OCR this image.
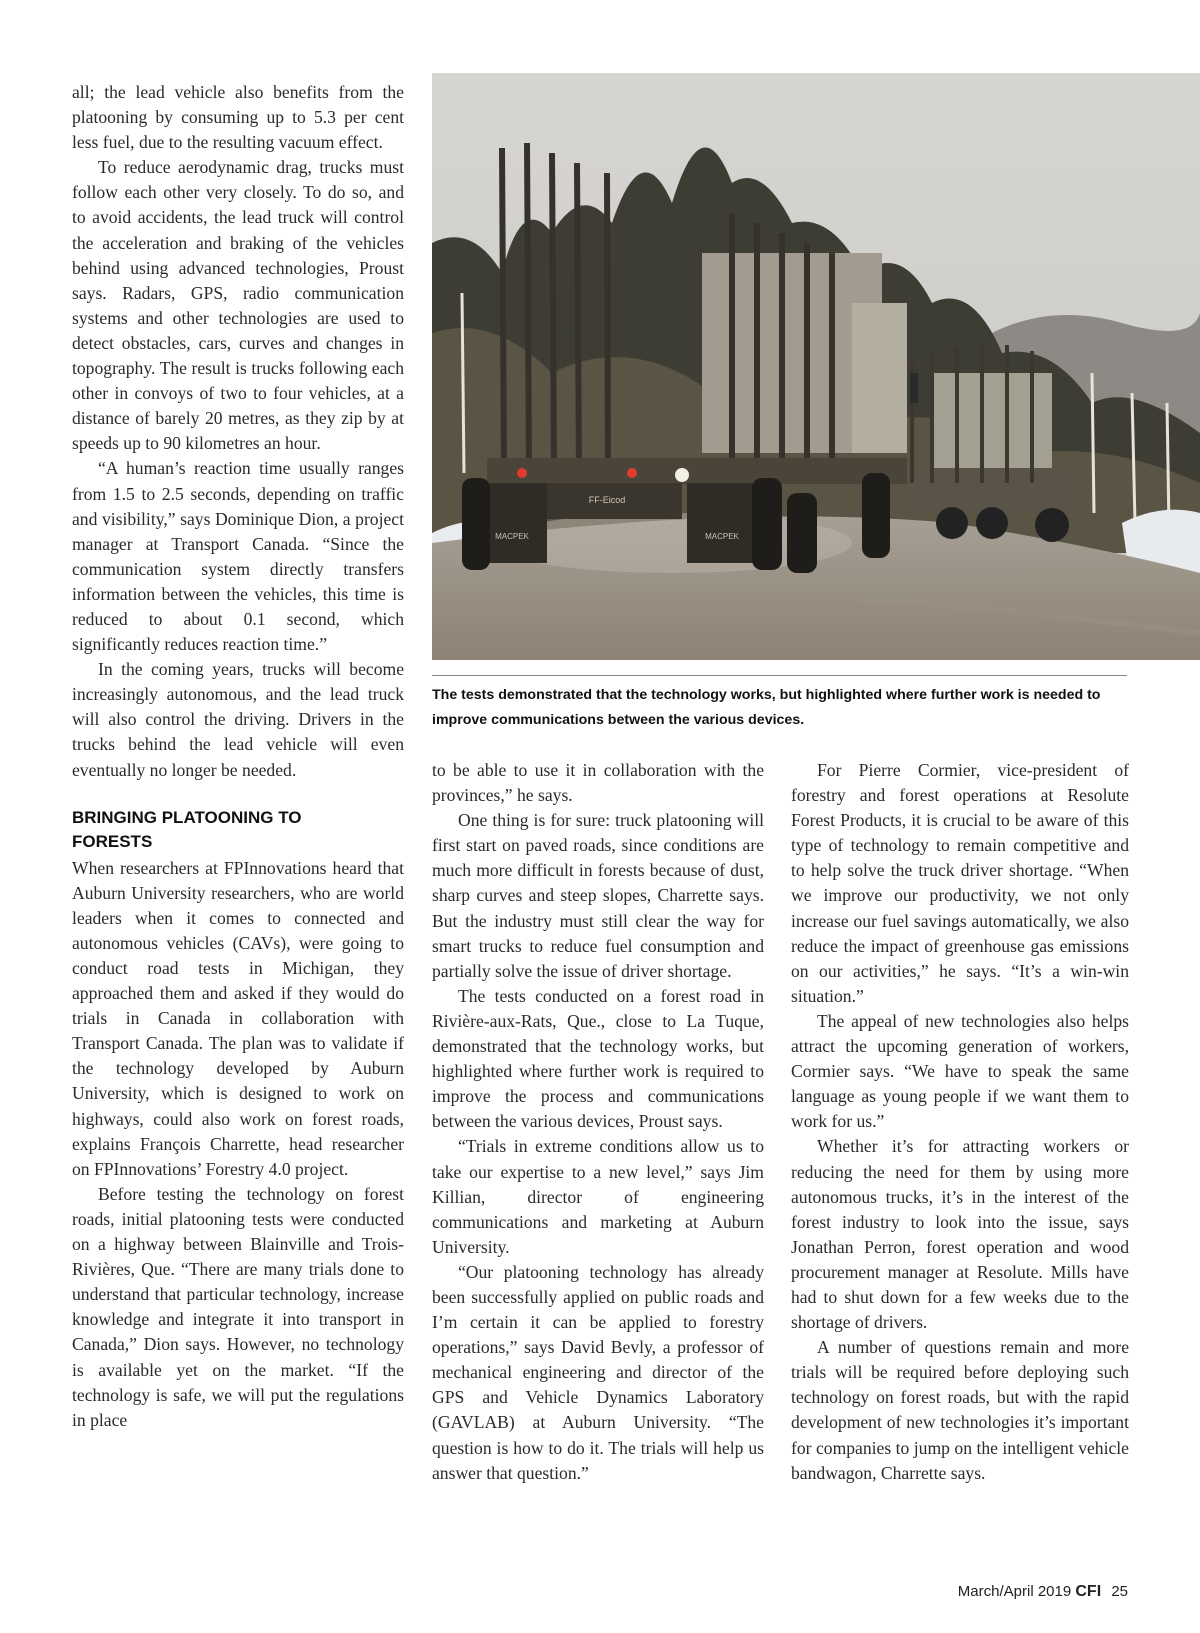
all; the lead vehicle also benefits from the platooning by consuming up to 5.3 per cent less fuel, due to the resulting vacuum effect.

To reduce aerodynamic drag, trucks must follow each other very closely. To do so, and to avoid accidents, the lead truck will control the acceleration and braking of the vehicles behind using advanced technologies, Proust says. Radars, GPS, radio communication systems and other technologies are used to detect obstacles, cars, curves and changes in topography. The result is trucks following each other in convoys of two to four vehicles, at a distance of barely 20 metres, as they zip by at speeds up to 90 kilometres an hour.

“A human’s reaction time usually ranges from 1.5 to 2.5 seconds, depending on traffic and visibility,” says Dominique Dion, a project manager at Transport Canada. “Since the communication system directly transfers information between the vehicles, this time is reduced to about 0.1 second, which significantly reduces reaction time.”

In the coming years, trucks will become increasingly autonomous, and the lead truck will also control the driving. Drivers in the trucks behind the lead vehicle will even eventually no longer be needed.

BRINGING PLATOONING TO FORESTS

When researchers at FPInnovations heard that Auburn University researchers, who are world leaders when it comes to connected and autonomous vehicles (CAVs), were going to conduct road tests in Michigan, they approached them and asked if they would do trials in Canada in collaboration with Transport Canada. The plan was to validate if the technology developed by Auburn University, which is designed to work on highways, could also work on forest roads, explains François Charrette, head researcher on FPInnovations’ Forestry 4.0 project.

Before testing the technology on forest roads, initial platooning tests were conducted on a highway between Blainville and Trois-Rivières, Que. “There are many trials done to understand that particular technology, increase knowledge and integrate it into transport in Canada,” Dion says. However, no technology is available yet on the market. “If the technology is safe, we will put the regulations in place

MACPEK	MACPEK
FF-Eicod
The tests demonstrated that the technology works, but highlighted where further work is needed to improve communications between the various devices.

to be able to use it in collaboration with the provinces,” he says.

One thing is for sure: truck platooning will first start on paved roads, since conditions are much more difficult in forests because of dust, sharp curves and steep slopes, Charrette says. But the industry must still clear the way for smart trucks to reduce fuel consumption and partially solve the issue of driver shortage.

The tests conducted on a forest road in Rivière-aux-Rats, Que., close to La Tuque, demonstrated that the technology works, but highlighted where further work is required to improve the process and communications between the various devices, Proust says.

“Trials in extreme conditions allow us to take our expertise to a new level,” says Jim Killian, director of engineering communications and marketing at Auburn University.

“Our platooning technology has already been successfully applied on public roads and I’m certain it can be applied to forestry operations,” says David Bevly, a professor of mechanical engineering and director of the GPS and Vehicle Dynamics Laboratory (GAVLAB) at Auburn University. “The question is how to do it. The trials will help us answer that question.”

For Pierre Cormier, vice-president of forestry and forest operations at Resolute Forest Products, it is crucial to be aware of this type of technology to remain competitive and to help solve the truck driver shortage. “When we improve our productivity, we not only increase our fuel savings automatically, we also reduce the impact of greenhouse gas emissions on our activities,” he says. “It’s a win-win situation.”

The appeal of new technologies also helps attract the upcoming generation of workers, Cormier says. “We have to speak the same language as young people if we want them to work for us.”

Whether it’s for attracting workers or reducing the need for them by using more autonomous trucks, it’s in the interest of the forest industry to look into the issue, says Jonathan Perron, forest operation and wood procurement manager at Resolute. Mills have had to shut down for a few weeks due to the shortage of drivers.

A number of questions remain and more trials will be required before deploying such technology on forest roads, but with the rapid development of new technologies it’s important for companies to jump on the intelligent vehicle bandwagon, Charrette says.

March/April 2019 CFI 25
